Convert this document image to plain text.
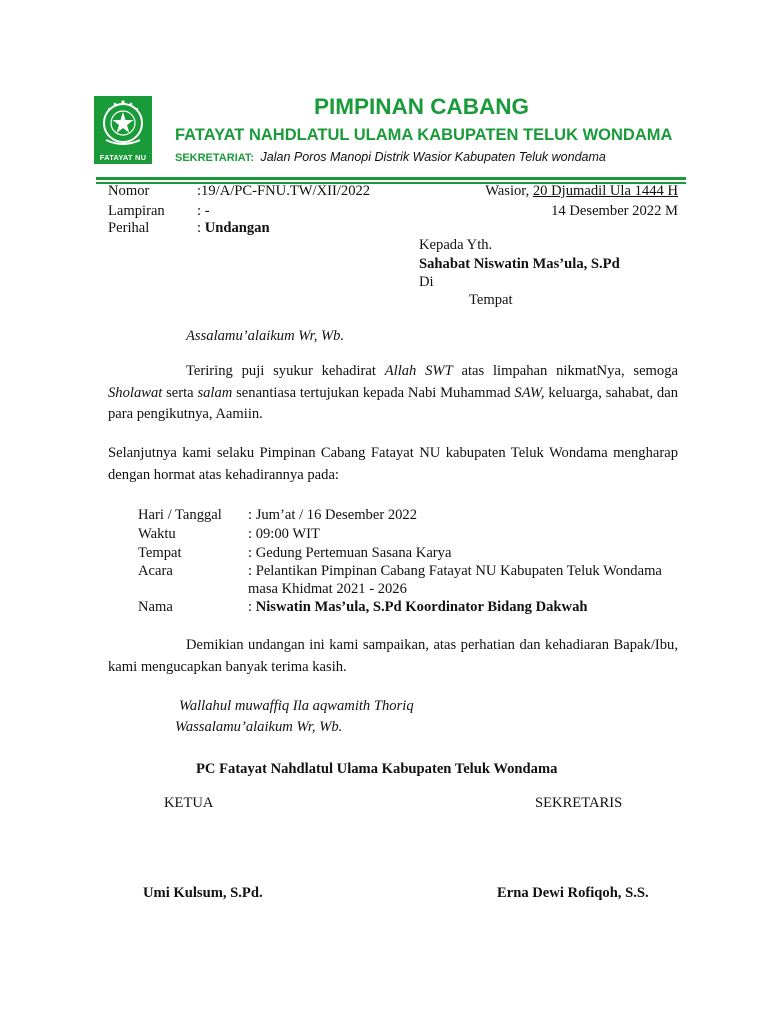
FATAYAT NU
PIMPINAN CABANG
FATAYAT NAHDLATUL ULAMA KABUPATEN TELUK WONDAMA
SEKRETARIAT: Jalan Poros Manopi Distrik Wasior Kabupaten Teluk wondama
Nomor	:19/A/PC-FNU.TW/XII/2022
Lampiran : -
Perihal	: Undangan
Wasior, 20 Djumadil Ula 1444 H
14 Desember 2022 M
Kepada Yth.
Sahabat Niswatin Mas’ula, S.Pd
Di
Tempat
Assalamu’alaikum Wr, Wb.
Teriring puji syukur kehadirat Allah SWT atas limpahan nikmatNya, semoga Sholawat serta salam senantiasa tertujukan kepada Nabi Muhammad SAW, keluarga, sahabat, dan para pengikutnya, Aamiin.
Selanjutnya kami selaku Pimpinan Cabang Fatayat NU kabupaten Teluk Wondama mengharap dengan hormat atas kehadirannya pada:
Hari / Tanggal : Jum’at / 16 Desember 2022
Waktu	: 09:00 WIT
Tempat	: Gedung Pertemuan Sasana Karya
Acara	: Pelantikan Pimpinan Cabang Fatayat NU Kabupaten Teluk Wondama
masa Khidmat 2021 - 2026
Nama	: Niswatin Mas’ula, S.Pd Koordinator Bidang Dakwah
Demikian undangan ini kami sampaikan, atas perhatian dan kehadiaran Bapak/Ibu, kami mengucapkan banyak terima kasih.
Wallahul muwaffiq Ila aqwamith Thoriq
Wassalamu’alaikum Wr, Wb.
PC Fatayat Nahdlatul Ulama Kabupaten Teluk Wondama
KETUA	SEKRETARIS
Umi Kulsum, S.Pd.	Erna Dewi Rofiqoh, S.S.
